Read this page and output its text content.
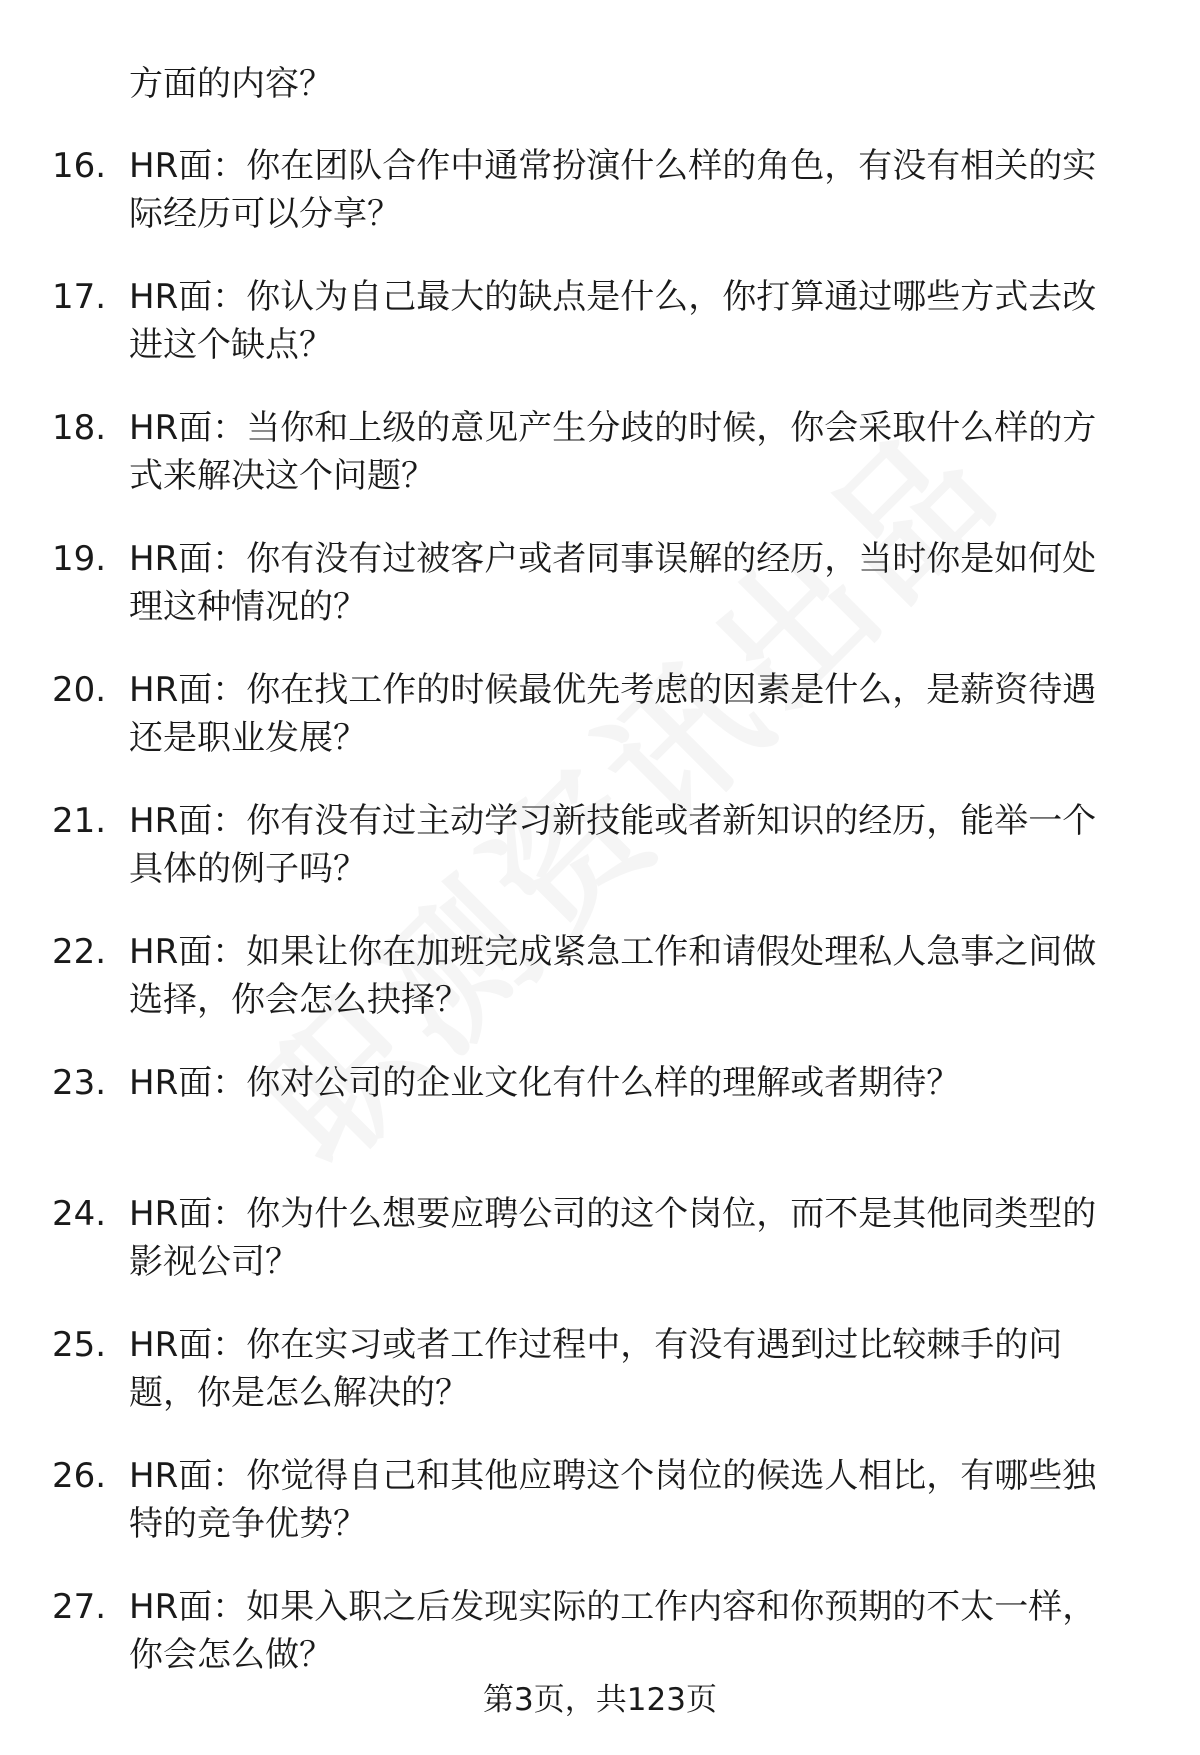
方面的内容？
16. HR面：你在团队合作中通常扮演什么样的角色，有没有相关的实
际经历可以分享？
17. HR面：你认为自己最大的缺点是什么，你打算通过哪些方式去改
进这个缺点？
18. HR面：当你和上级的意见产生分歧的时候，你会采取什么样的方
式来解决这个问题？
19. HR面：你有没有过被客户或者同事误解的经历，当时你是如何处
理这种情况的？
20. HR面：你在找工作的时候最优先考虑的因素是什么，是薪资待遇
还是职业发展？
21. HR面：你有没有过主动学习新技能或者新知识的经历，能举一个
具体的例子吗？
22. HR面：如果让你在加班完成紧急工作和请假处理私人急事之间做
选择，你会怎么抉择？
23. HR面：你对公司的企业文化有什么样的理解或者期待？
24. HR面：你为什么想要应聘公司的这个岗位，而不是其他同类型的
影视公司？
25. HR面：你在实习或者工作过程中，有没有遇到过比较棘手的问
题，你是怎么解决的？
26. HR面：你觉得自己和其他应聘这个岗位的候选人相比，有哪些独
特的竞争优势？
27. HR面：如果入职之后发现实际的工作内容和你预期的不太一样，
你会怎么做？
第3页，共123页
